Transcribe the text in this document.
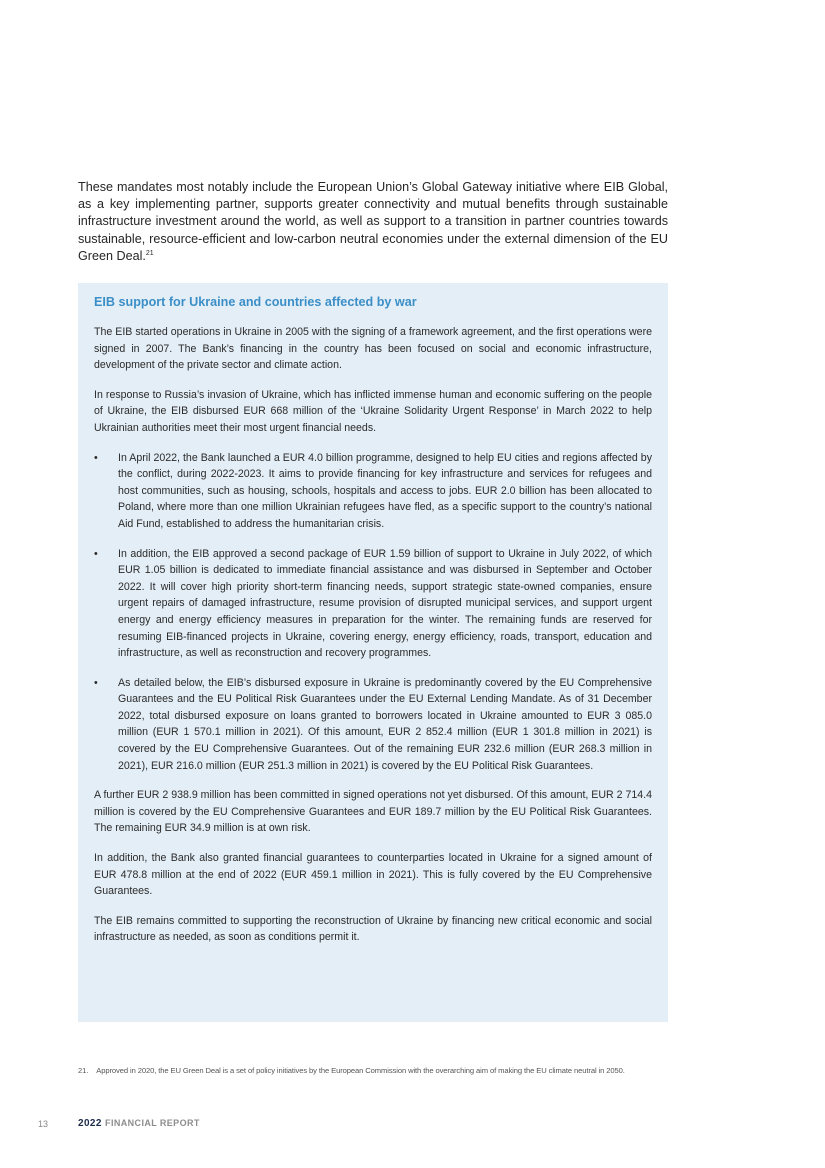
These mandates most notably include the European Union’s Global Gateway initiative where EIB Global, as a key implementing partner, supports greater connectivity and mutual benefits through sustainable infrastructure investment around the world, as well as support to a transition in partner countries towards sustainable, resource-efficient and low-carbon neutral economies under the external dimension of the EU Green Deal.$^{21}$

EIB support for Ukraine and countries affected by war

The EIB started operations in Ukraine in 2005 with the signing of a framework agreement, and the first operations were signed in 2007. The Bank’s financing in the country has been focused on social and economic infrastructure, development of the private sector and climate action.

In response to Russia’s invasion of Ukraine, which has inflicted immense human and economic suffering on the people of Ukraine, the EIB disbursed EUR 668 million of the ‘Ukraine Solidarity Urgent Response’ in March 2022 to help Ukrainian authorities meet their most urgent financial needs.

• In April 2022, the Bank launched a EUR 4.0 billion programme, designed to help EU cities and regions affected by the conflict, during 2022-2023. It aims to provide financing for key infrastructure and services for refugees and host communities, such as housing, schools, hospitals and access to jobs. EUR 2.0 billion has been allocated to Poland, where more than one million Ukrainian refugees have fled, as a specific support to the country’s national Aid Fund, established to address the humanitarian crisis.
• In addition, the EIB approved a second package of EUR 1.59 billion of support to Ukraine in July 2022, of which EUR 1.05 billion is dedicated to immediate financial assistance and was disbursed in September and October 2022. It will cover high priority short-term financing needs, support strategic state-owned companies, ensure urgent repairs of damaged infrastructure, resume provision of disrupted municipal services, and support urgent energy and energy efficiency measures in preparation for the winter. The remaining funds are reserved for resuming EIB-financed projects in Ukraine, covering energy, energy efficiency, roads, transport, education and infrastructure, as well as reconstruction and recovery programmes.
• As detailed below, the EIB’s disbursed exposure in Ukraine is predominantly covered by the EU Comprehensive Guarantees and the EU Political Risk Guarantees under the EU External Lending Mandate. As of 31 December 2022, total disbursed exposure on loans granted to borrowers located in Ukraine amounted to EUR 3 085.0 million (EUR 1 570.1 million in 2021). Of this amount, EUR 2 852.4 million (EUR 1 301.8 million in 2021) is covered by the EU Comprehensive Guarantees. Out of the remaining EUR 232.6 million (EUR 268.3 million in 2021), EUR 216.0 million (EUR 251.3 million in 2021) is covered by the EU Political Risk Guarantees.

A further EUR 2 938.9 million has been committed in signed operations not yet disbursed. Of this amount, EUR 2 714.4 million is covered by the EU Comprehensive Guarantees and EUR 189.7 million by the EU Political Risk Guarantees. The remaining EUR 34.9 million is at own risk.

In addition, the Bank also granted financial guarantees to counterparties located in Ukraine for a signed amount of EUR 478.8 million at the end of 2022 (EUR 459.1 million in 2021). This is fully covered by the EU Comprehensive Guarantees.

The EIB remains committed to supporting the reconstruction of Ukraine by financing new critical economic and social infrastructure as needed, as soon as conditions permit it.

21. Approved in 2020, the EU Green Deal is a set of policy initiatives by the European Commission with the overarching aim of making the EU climate neutral in 2050.

13	2022 FINANCIAL REPORT
